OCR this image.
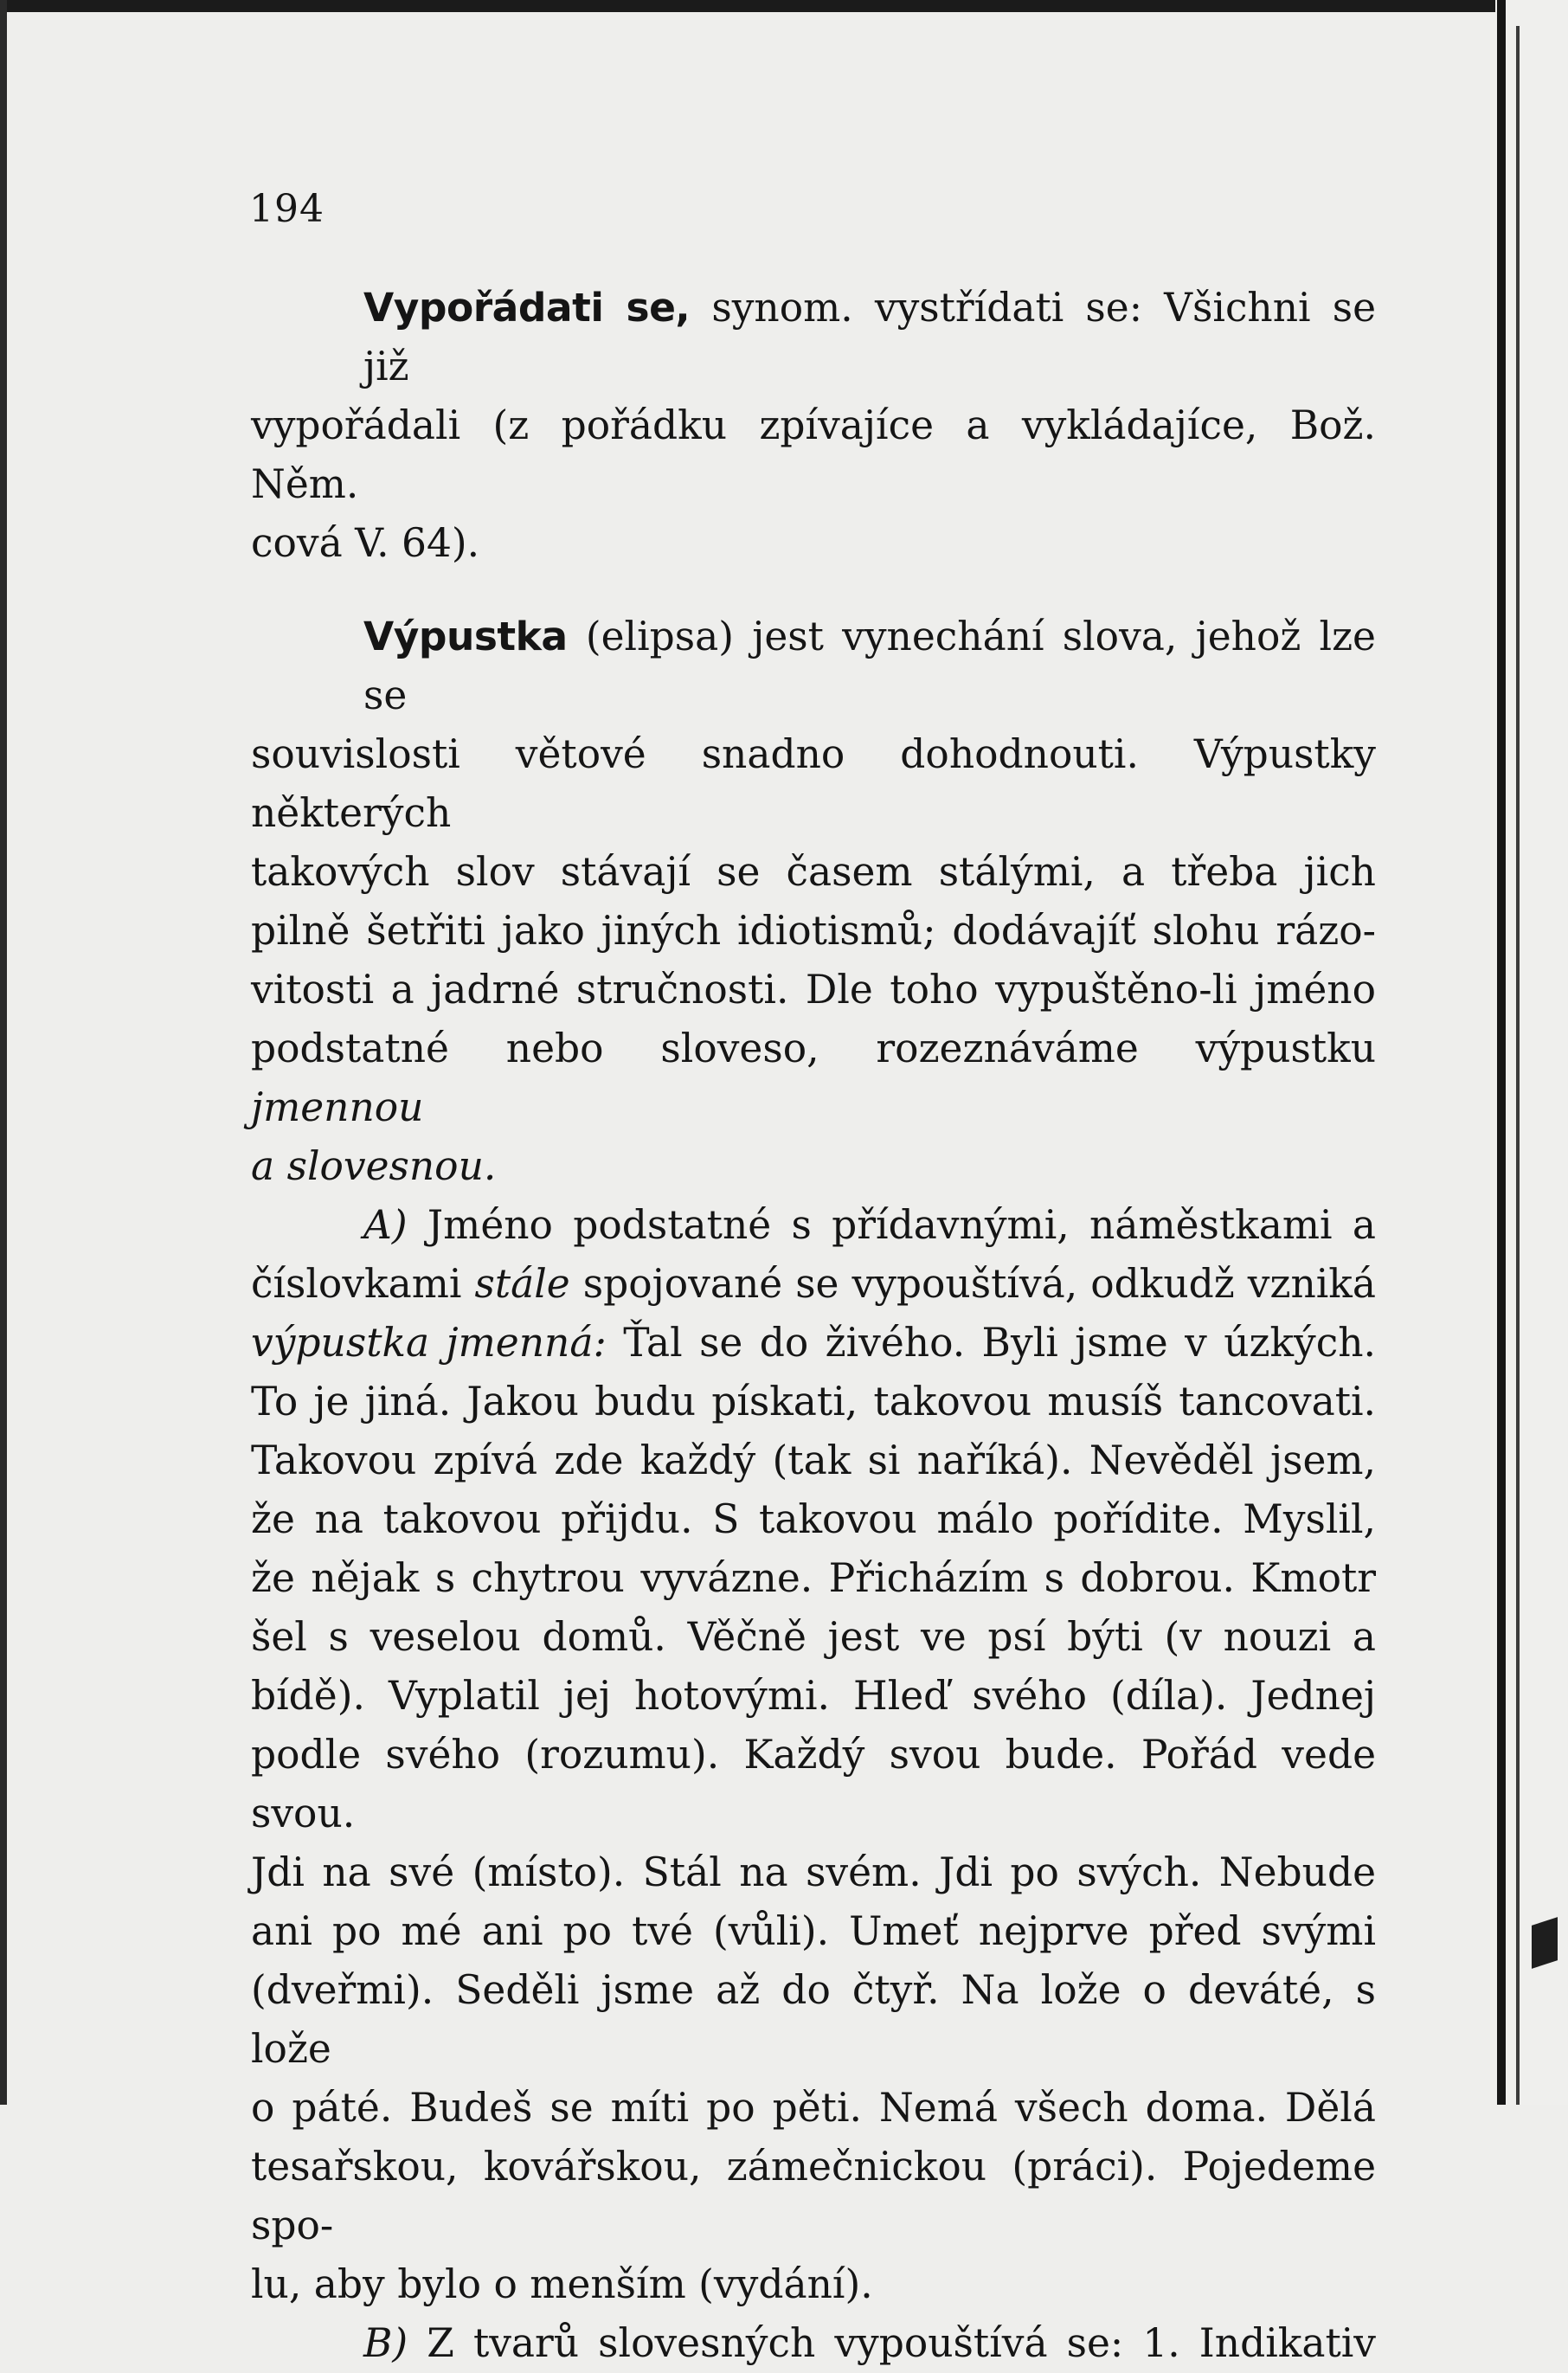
194

Vypořádati se, synom. vystřídati se: Všichni se již

vypořádali (z pořádku zpívajíce a vykládajíce, Bož. Něm.

cová V. 64).

Výpustka (elipsa) jest vynechání slova, jehož lze se

souvislosti větové snadno dohodnouti. Výpustky některých

takových slov stávají se časem stálými, a třeba jich

pilně šetřiti jako jiných idiotismů; dodávajíť slohu rázo-

vitosti a jadrné stručnosti. Dle toho vypuštěno-li jméno

podstatné nebo sloveso, rozeznáváme výpustku jmennou

a slovesnou.

A) Jméno podstatné s přídavnými, náměstkami a

číslovkami stále spojované se vypouštívá, odkudž vzniká

výpustka jmenná: Ťal se do živého. Byli jsme v úzkých.

To je jiná. Jakou budu pískati, takovou musíš tancovati.

Takovou zpívá zde každý (tak si naříká). Nevěděl jsem,

že na takovou přijdu. S takovou málo pořídite. Myslil,

že nějak s chytrou vyvázne. Přicházím s dobrou. Kmotr

šel s veselou domů. Věčně jest ve psí býti (v nouzi a

bídě). Vyplatil jej hotovými. Hleď svého (díla). Jednej

podle svého (rozumu). Každý svou bude. Pořád vede svou.

Jdi na své (místo). Stál na svém. Jdi po svých. Nebude

ani po mé ani po tvé (vůli). Umeť nejprve před svými

(dveřmi). Seděli jsme až do čtyř. Na lože o deváté, s lože

o páté. Budeš se míti po pěti. Nemá všech doma. Dělá

tesařskou, kovářskou, zámečnickou (práci). Pojedeme spo-

lu, aby bylo o menším (vydání).

B) Z tvarů slovesných vypouštívá se: 1. Indikativ
